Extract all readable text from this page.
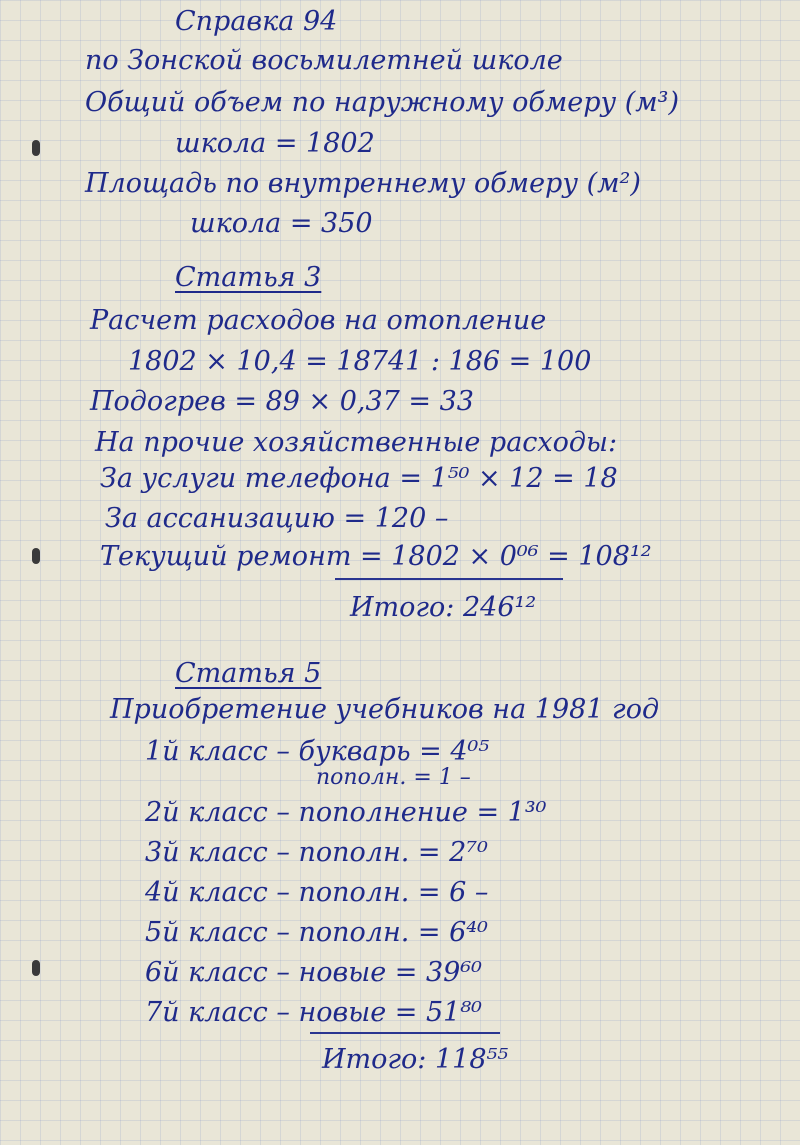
Справка 94
по Зонской восьмилетней школе
Общий объем по наружному обмеру (м³)
школа = 1802
Площадь по внутреннему обмеру (м²)
школа = 350
Статья 3
Расчет расходов на отопление
1802 × 10,4 = 18741 : 186 = 100
Подогрев = 89 × 0,37 = 33
На прочие хозяйственные расходы:
За услуги телефона = 1⁵⁰ × 12 = 18
За ассанизацию = 120 –
Текущий ремонт = 1802 × 0⁰⁶ = 108¹²
Итого: 246¹²
Статья 5
Приобретение учебников на 1981 год
1й класс – букварь = 4⁰⁵
пополн. = 1 –
2й класс – пополнение = 1³⁰
3й класс – пополн. = 2⁷⁰
4й класс – пополн. = 6 –
5й класс – пополн. = 6⁴⁰
6й класс – новые = 39⁶⁰
7й класс – новые = 51⁸⁰
Итого: 118⁵⁵
